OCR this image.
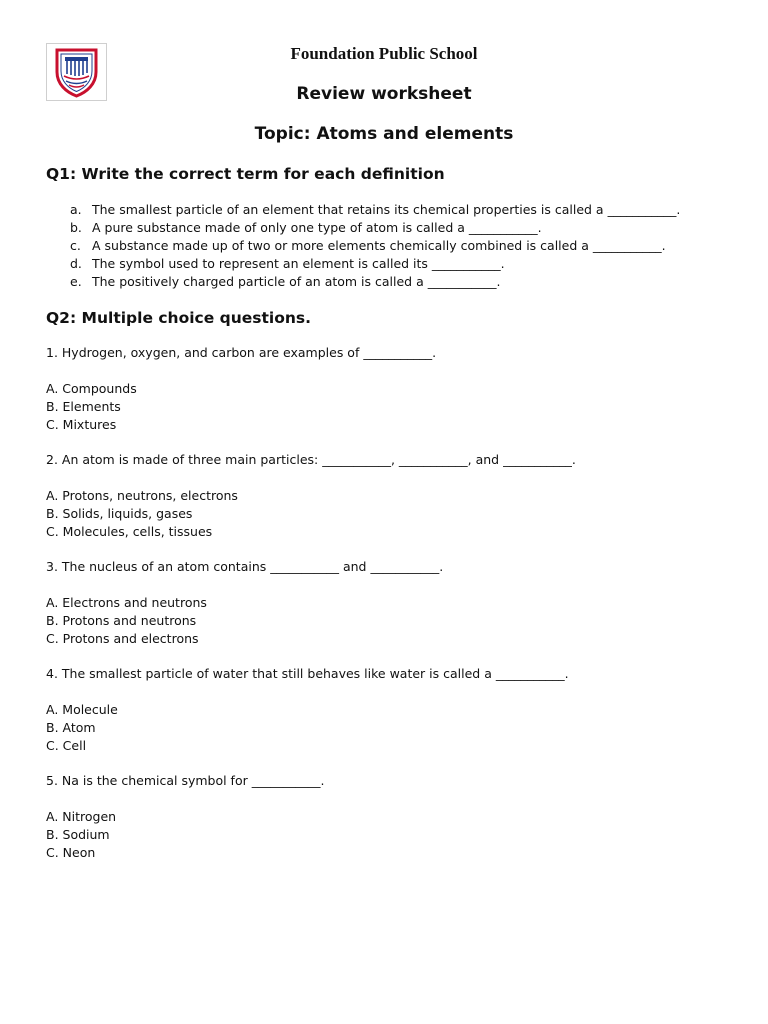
Foundation Public School
Review worksheet
Topic: Atoms and elements
Q1: Write the correct term for each definition
a. The smallest particle of an element that retains its chemical properties is called a ___________.
b. A pure substance made of only one type of atom is called a ___________.
c. A substance made up of two or more elements chemically combined is called a ___________.
d. The symbol used to represent an element is called its ___________.
e. The positively charged particle of an atom is called a ___________.
Q2: Multiple choice questions.
1. Hydrogen, oxygen, and carbon are examples of ___________.
A. Compounds
B. Elements
C. Mixtures
2. An atom is made of three main particles: ___________, ___________, and ___________.
A. Protons, neutrons, electrons
B. Solids, liquids, gases
C. Molecules, cells, tissues
3. The nucleus of an atom contains ___________ and ___________.
A. Electrons and neutrons
B. Protons and neutrons
C. Protons and electrons
4. The smallest particle of water that still behaves like water is called a ___________.
A. Molecule
B. Atom
C. Cell
5. Na is the chemical symbol for ___________.
A. Nitrogen
B. Sodium
C. Neon
